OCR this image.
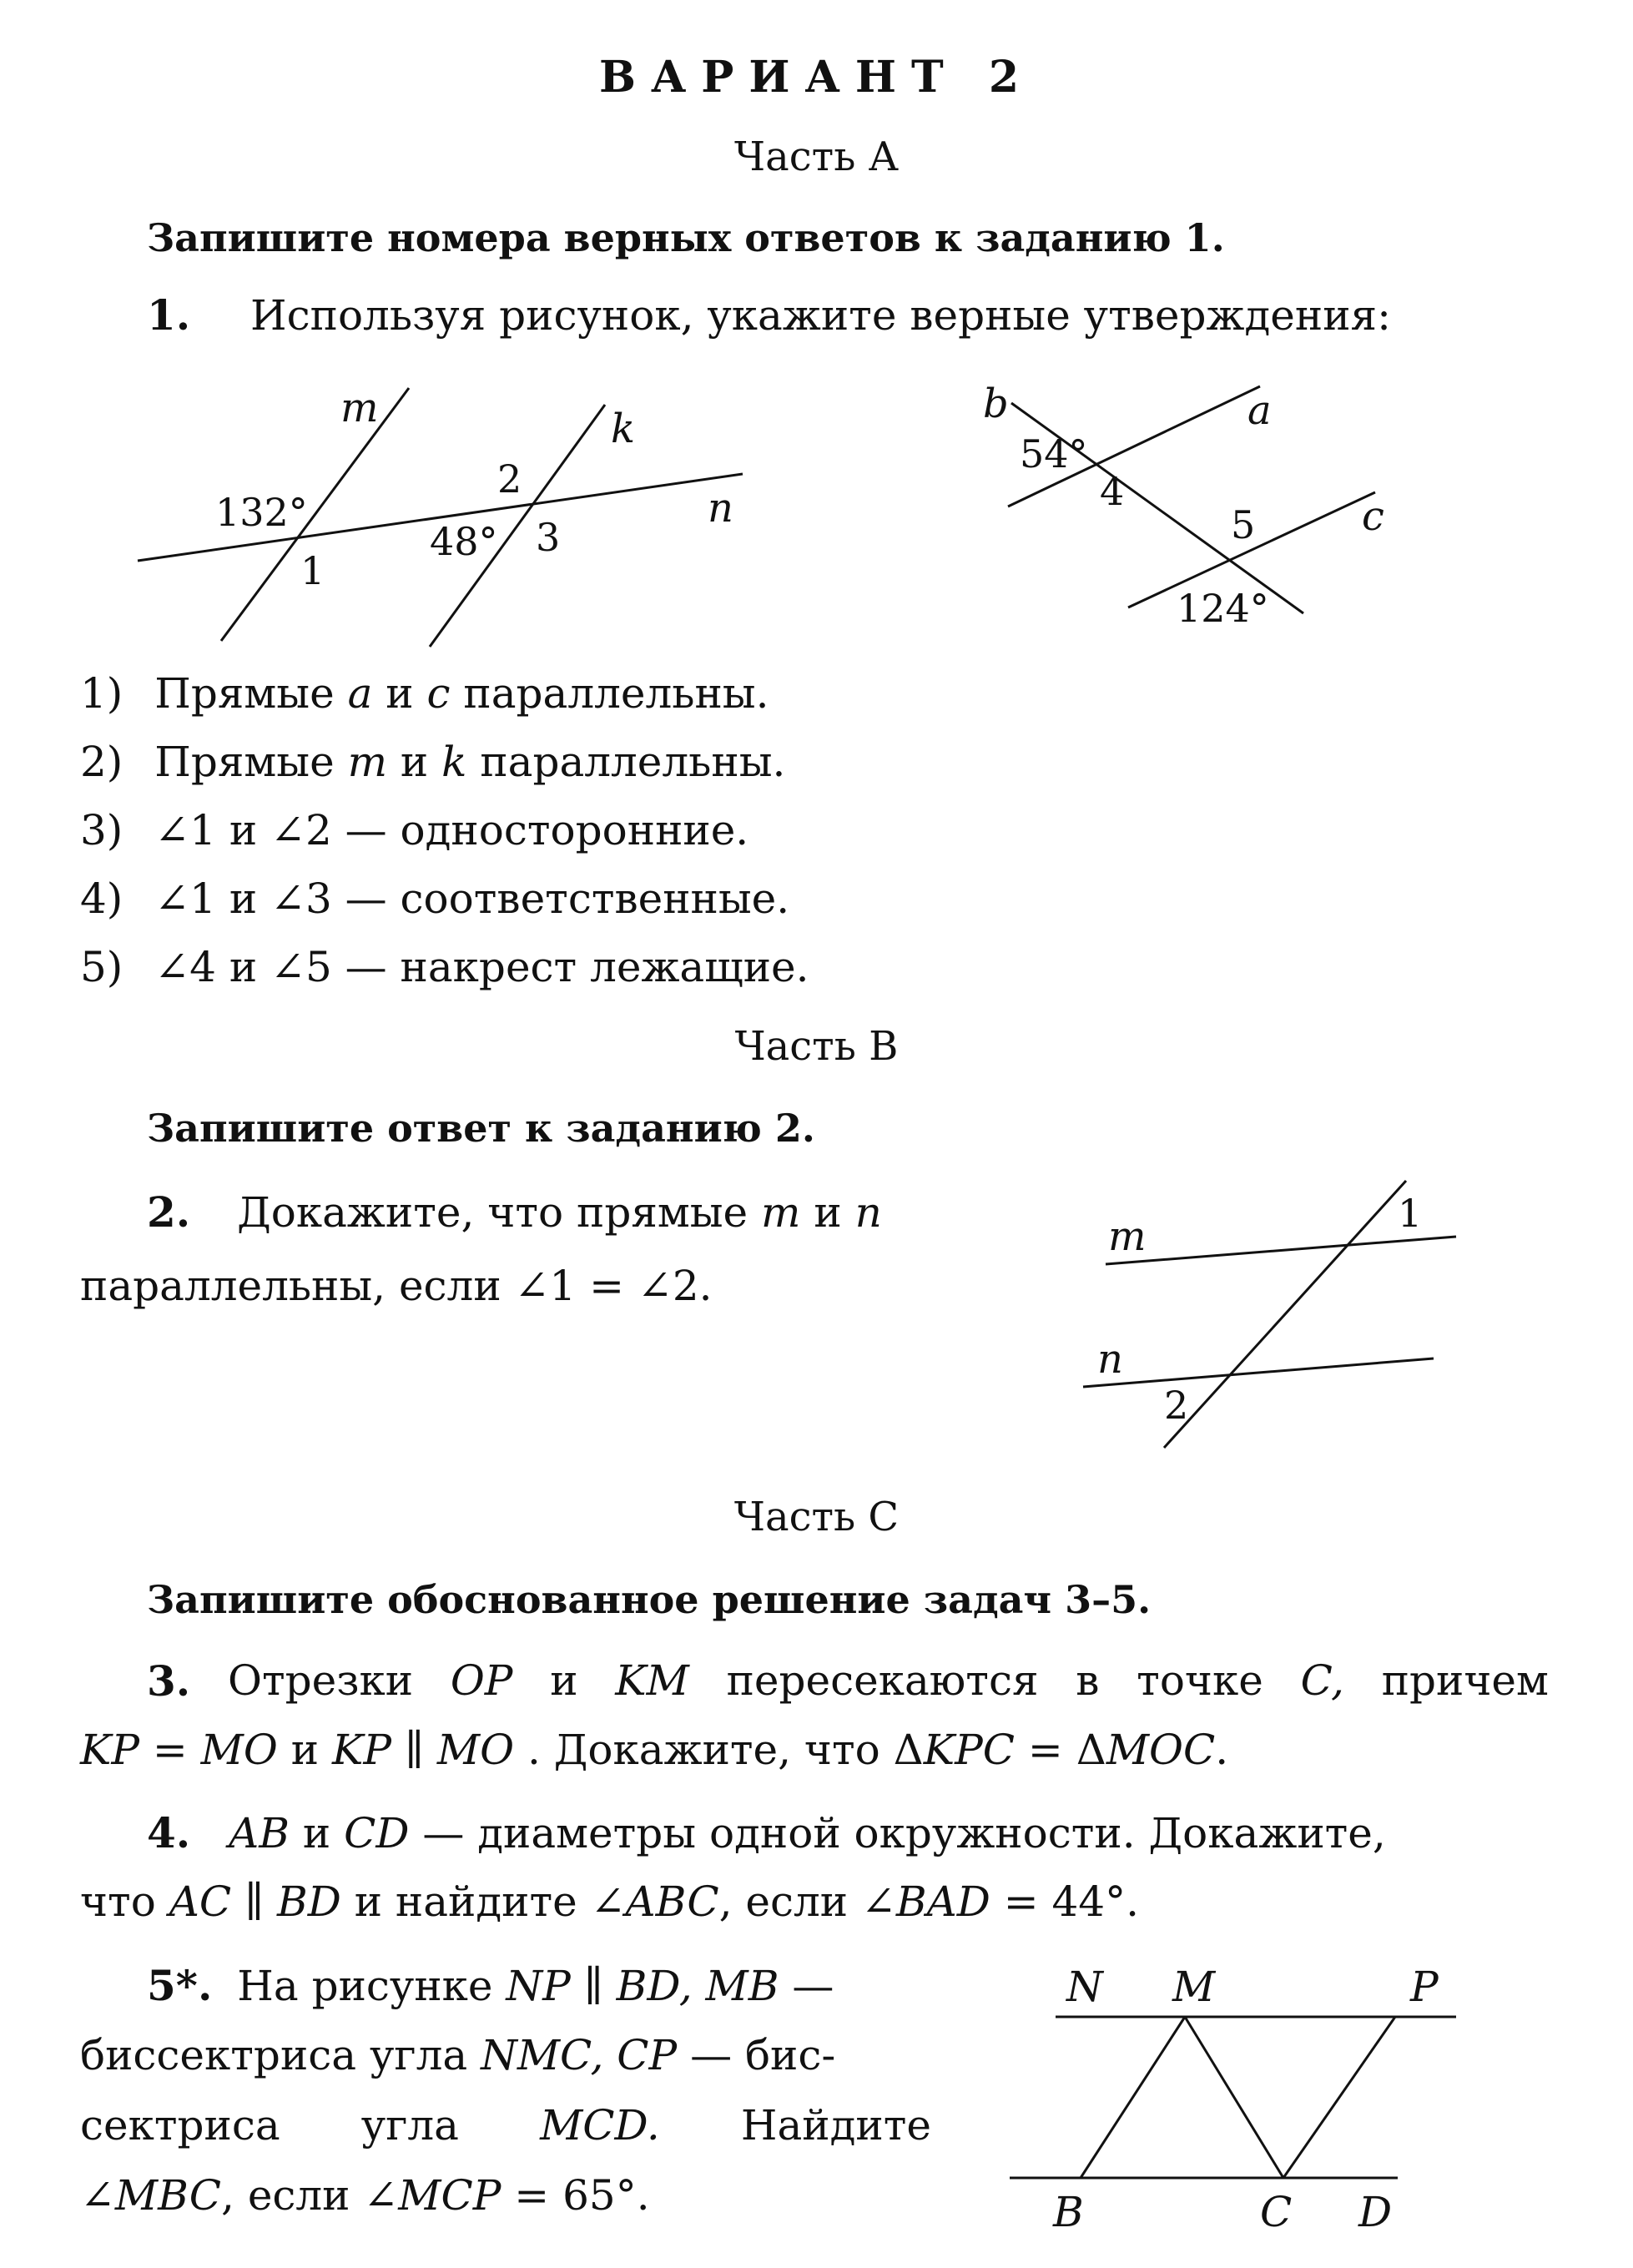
ВАРИАНТ 2
Часть А
Запишите номера верных ответов к заданию 1.
1. Используя рисунок, укажите верные утверждения:
m	k
n
132°
1
2
48° 3
b	a
c
54°
4
5
124°
1) Прямые a и c параллельны.
2) Прямые m и k параллельны.
3) ∠1 и ∠2 — односторонние.
4) ∠1 и ∠3 — соответственные.
5) ∠4 и ∠5 — накрест лежащие.
Часть В
Запишите ответ к заданию 2.
2. Докажите, что прямые m и n
параллельны, если ∠1 = ∠2.
m
n
1
2
Часть С
Запишите обоснованное решение задач 3–5.
3. Отрезки OP и KM пересекаются в точке C, причем
KP = MO и KP ∥ MO . Докажите, что ΔKPC = ΔMOC.
4. AB и CD — диаметры одной окружности. Докажите,
что AC ∥ BD и найдите ∠ABC, если ∠BAD = 44°.
5*. На рисунке NP ∥ BD, MB —
биссектриса угла NMC, CP — бис-
сектриса угла MCD. Найдите
∠MBC, если ∠MCP = 65°.
N M	P
B	C D
